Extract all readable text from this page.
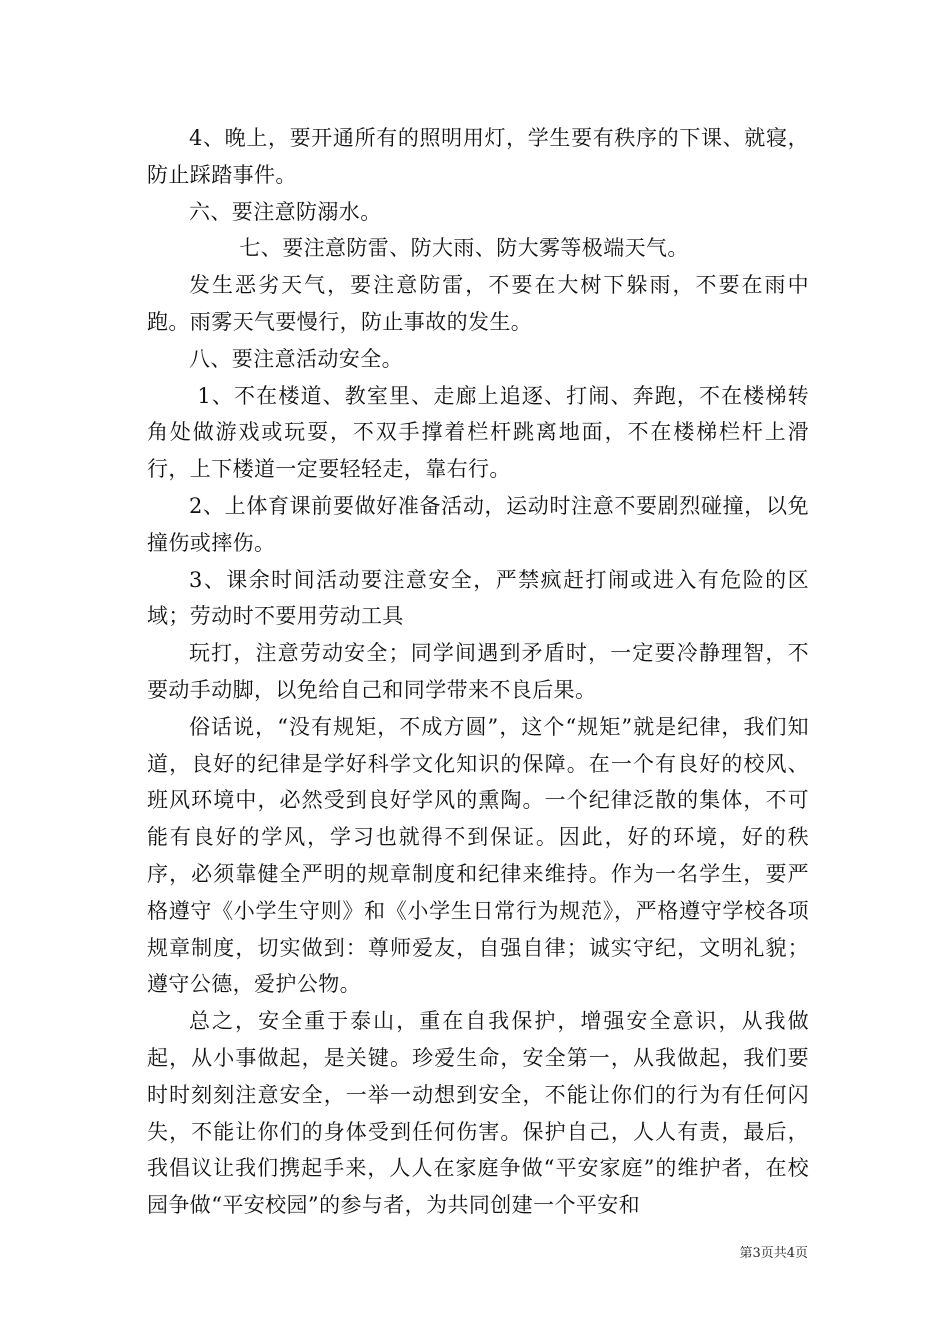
4、晚上，要开通所有的照明用灯，学生要有秩序的下课、就寝，防止踩踏事件。

六、要注意防溺水。

七、要注意防雷、防大雨、防大雾等极端天气。

发生恶劣天气，要注意防雷，不要在大树下躲雨，不要在雨中跑。雨雾天气要慢行，防止事故的发生。

八、要注意活动安全。

1、不在楼道、教室里、走廊上追逐、打闹、奔跑，不在楼梯转角处做游戏或玩耍，不双手撑着栏杆跳离地面，不在楼梯栏杆上滑行，上下楼道一定要轻轻走，靠右行。

2、上体育课前要做好准备活动，运动时注意不要剧烈碰撞，以免撞伤或摔伤。

3、课余时间活动要注意安全，严禁疯赶打闹或进入有危险的区域；劳动时不要用劳动工具

玩打，注意劳动安全；同学间遇到矛盾时，一定要冷静理智，不要动手动脚，以免给自己和同学带来不良后果。

俗话说，“没有规矩，不成方圆”，这个“规矩”就是纪律，我们知道，良好的纪律是学好科学文化知识的保障。在一个有良好的校风、班风环境中，必然受到良好学风的熏陶。一个纪律泛散的集体，不可能有良好的学风，学习也就得不到保证。因此，好的环境，好的秩序，必须靠健全严明的规章制度和纪律来维持。作为一名学生，要严格遵守《小学生守则》和《小学生日常行为规范》，严格遵守学校各项规章制度，切实做到：尊师爱友，自强自律；诚实守纪，文明礼貌；遵守公德，爱护公物。

总之，安全重于泰山，重在自我保护，增强安全意识，从我做起，从小事做起，是关键。珍爱生命，安全第一，从我做起，我们要时时刻刻注意安全，一举一动想到安全，不能让你们的行为有任何闪失，不能让你们的身体受到任何伤害。保护自己，人人有责，最后，我倡议让我们携起手来，人人在家庭争做“平安家庭”的维护者，在校园争做“平安校园”的参与者，为共同创建一个平安和

第3页共4页
